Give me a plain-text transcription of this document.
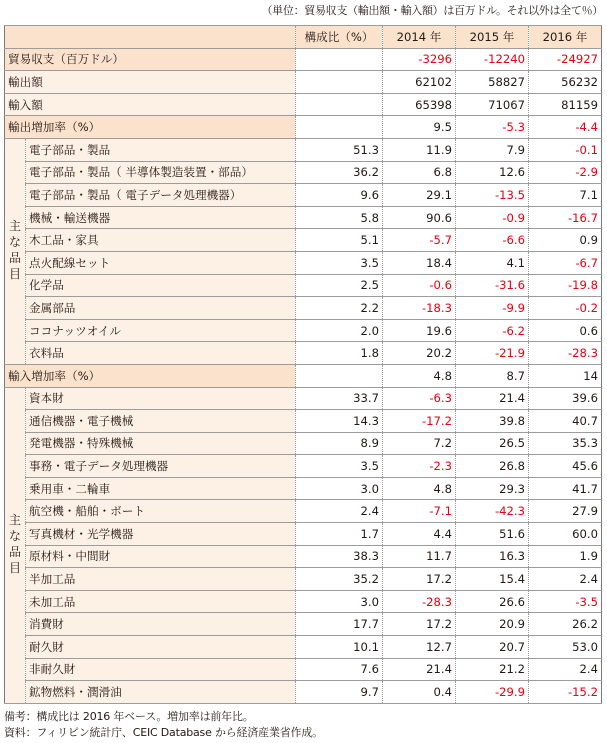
（単位：貿易収支（輸出額・輸入額）は百万ドル。それ以外は全て％）
		構成比（%）	2014 年	2015 年	2016 年
貿易収支（百万ドル）			-3296	-12240	-24927
輸出額			62102	58827	56232
輸入額			65398	71067	81159
輸出増加率（%）			9.5	-5.3	-4.4
主な品目	電子部品・製品	51.3	11.9	7.9	-0.1
	電子部品・製品（ 半導体製造装置・部品）	36.2	6.8	12.6	-2.9
	電子部品・製品（ 電子データ処理機器）	9.6	29.1	-13.5	7.1
	機械・輸送機器	5.8	90.6	-0.9	-16.7
	木工品・家具	5.1	-5.7	-6.6	0.9
	点火配線セット	3.5	18.4	4.1	-6.7
	化学品	2.5	-0.6	-31.6	-19.8
	金属部品	2.2	-18.3	-9.9	-0.2
	ココナッツオイル	2.0	19.6	-6.2	0.6
	衣料品	1.8	20.2	-21.9	-28.3
輸入増加率（%）			4.8	8.7	14
主な品目	資本財	33.7	-6.3	21.4	39.6
	通信機器・電子機械	14.3	-17.2	39.8	40.7
	発電機器・特殊機械	8.9	7.2	26.5	35.3
	事務・電子データ処理機器	3.5	-2.3	26.8	45.6
	乗用車・二輪車	3.0	4.8	29.3	41.7
	航空機・船舶・ボート	2.4	-7.1	-42.3	27.9
	写真機材・光学機器	1.7	4.4	51.6	60.0
	原材料・中間財	38.3	11.7	16.3	1.9
	半加工品	35.2	17.2	15.4	2.4
	未加工品	3.0	-28.3	26.6	-3.5
	消費財	17.7	17.2	20.9	26.2
	耐久財	10.1	12.7	20.7	53.0
	非耐久財	7.6	21.4	21.2	2.4
	鉱物燃料・潤滑油	9.7	0.4	-29.9	-15.2
備考：構成比は 2016 年ベース。増加率は前年比。
資料：フィリピン統計庁、CEIC Database から経済産業省作成。
